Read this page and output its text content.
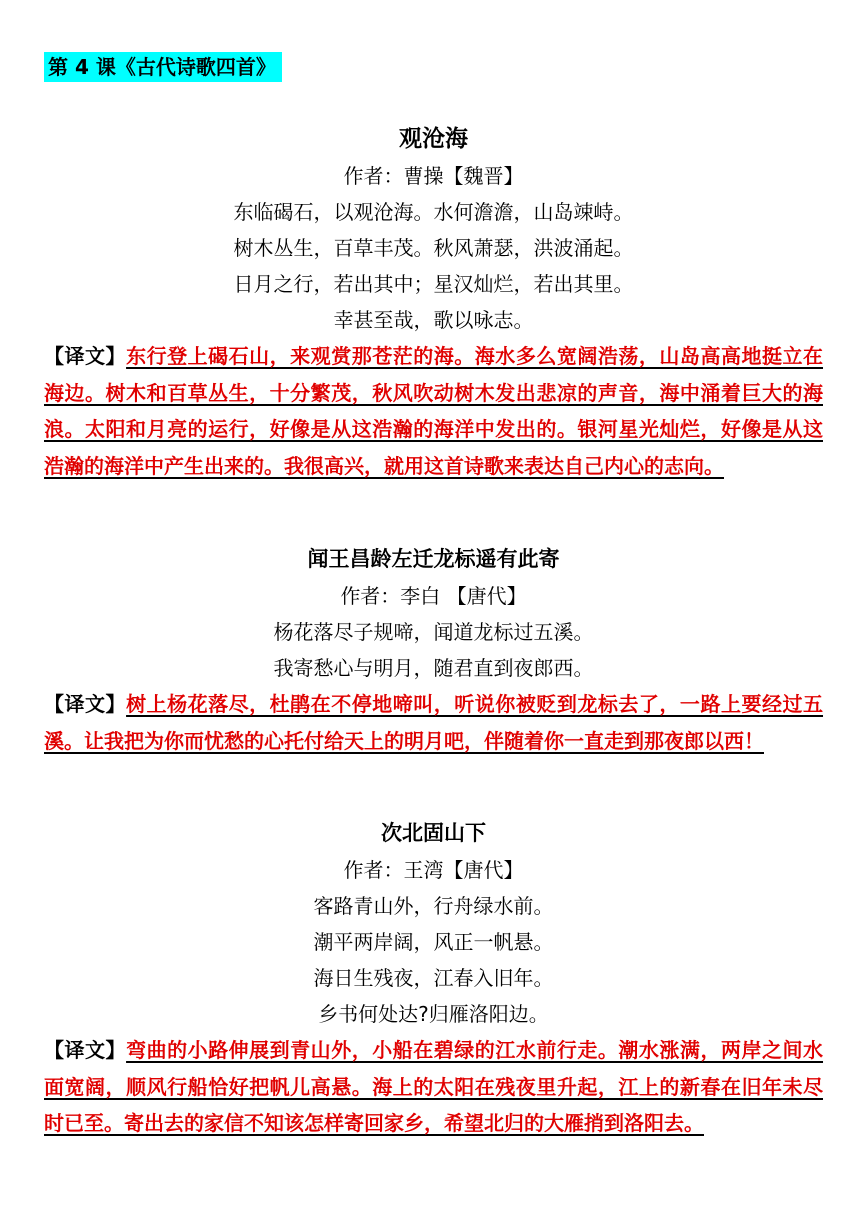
第 4 课《古代诗歌四首》
观沧海
作者：曹操【魏晋】
东临碣石，以观沧海。水何澹澹，山岛竦峙。
树木丛生，百草丰茂。秋风萧瑟，洪波涌起。
日月之行，若出其中；星汉灿烂，若出其里。
幸甚至哉，歌以咏志。
【译文】东行登上碣石山，来观赏那苍茫的海。海水多么宽阔浩荡，山岛高高地挺立在海边。树木和百草丛生，十分繁茂，秋风吹动树木发出悲凉的声音，海中涌着巨大的海浪。太阳和月亮的运行，好像是从这浩瀚的海洋中发出的。银河星光灿烂，好像是从这浩瀚的海洋中产生出来的。我很高兴，就用这首诗歌来表达自己内心的志向。
闻王昌龄左迁龙标遥有此寄
作者：李白 【唐代】
杨花落尽子规啼，闻道龙标过五溪。
我寄愁心与明月，随君直到夜郎西。
【译文】树上杨花落尽，杜鹃在不停地啼叫，听说你被贬到龙标去了，一路上要经过五溪。让我把为你而忧愁的心托付给天上的明月吧，伴随着你一直走到那夜郎以西！
次北固山下
作者：王湾【唐代】
客路青山外，行舟绿水前。
潮平两岸阔，风正一帆悬。
海日生残夜，江春入旧年。
乡书何处达?归雁洛阳边。
【译文】弯曲的小路伸展到青山外，小船在碧绿的江水前行走。潮水涨满，两岸之间水面宽阔，顺风行船恰好把帆儿高悬。海上的太阳在残夜里升起，江上的新春在旧年未尽时已至。寄出去的家信不知该怎样寄回家乡，希望北归的大雁捎到洛阳去。
